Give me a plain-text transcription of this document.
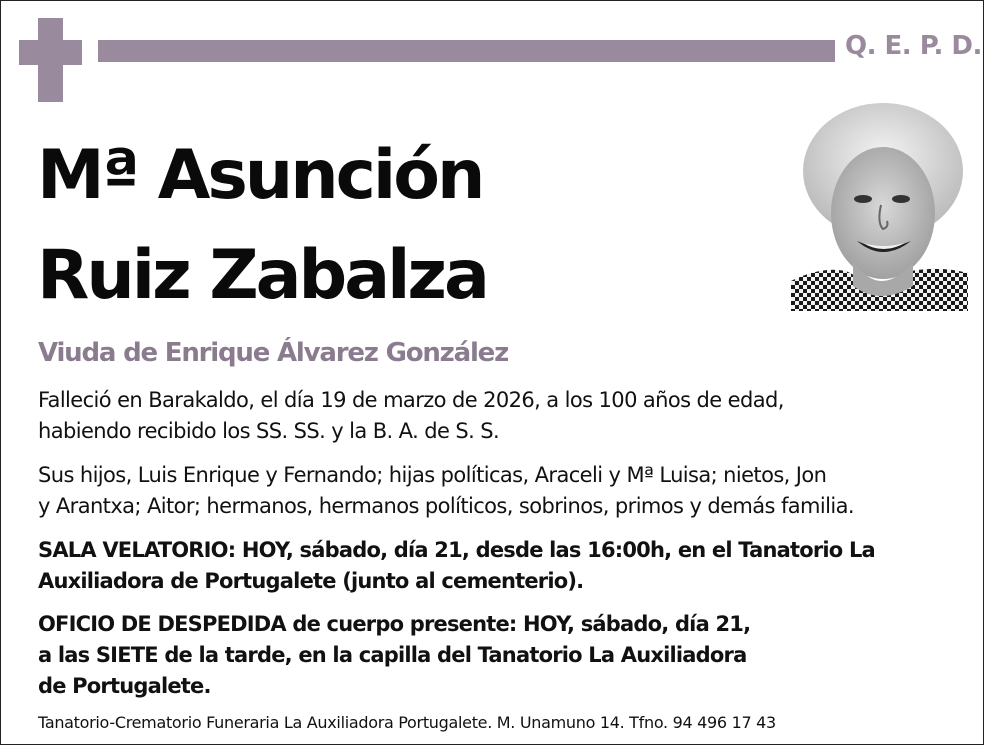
Q. E. P. D.
Mª Asunción
Ruiz Zabalza
Viuda de Enrique Álvarez González
Falleció en Barakaldo, el día 19 de marzo de 2026, a los 100 años de edad,
habiendo recibido los SS. SS. y la B. A. de S. S.
Sus hijos, Luis Enrique y Fernando; hijas políticas, Araceli y Mª Luisa; nietos, Jon
y Arantxa; Aitor; hermanos, hermanos políticos, sobrinos, primos y demás familia.
SALA VELATORIO: HOY, sábado, día 21, desde las 16:00h, en el Tanatorio La
Auxiliadora de Portugalete (junto al cementerio).
OFICIO DE DESPEDIDA de cuerpo presente: HOY, sábado, día 21,
a las SIETE de la tarde, en la capilla del Tanatorio La Auxiliadora
de Portugalete.
Tanatorio-Crematorio Funeraria La Auxiliadora Portugalete. M. Unamuno 14. Tfno. 94 496 17 43
